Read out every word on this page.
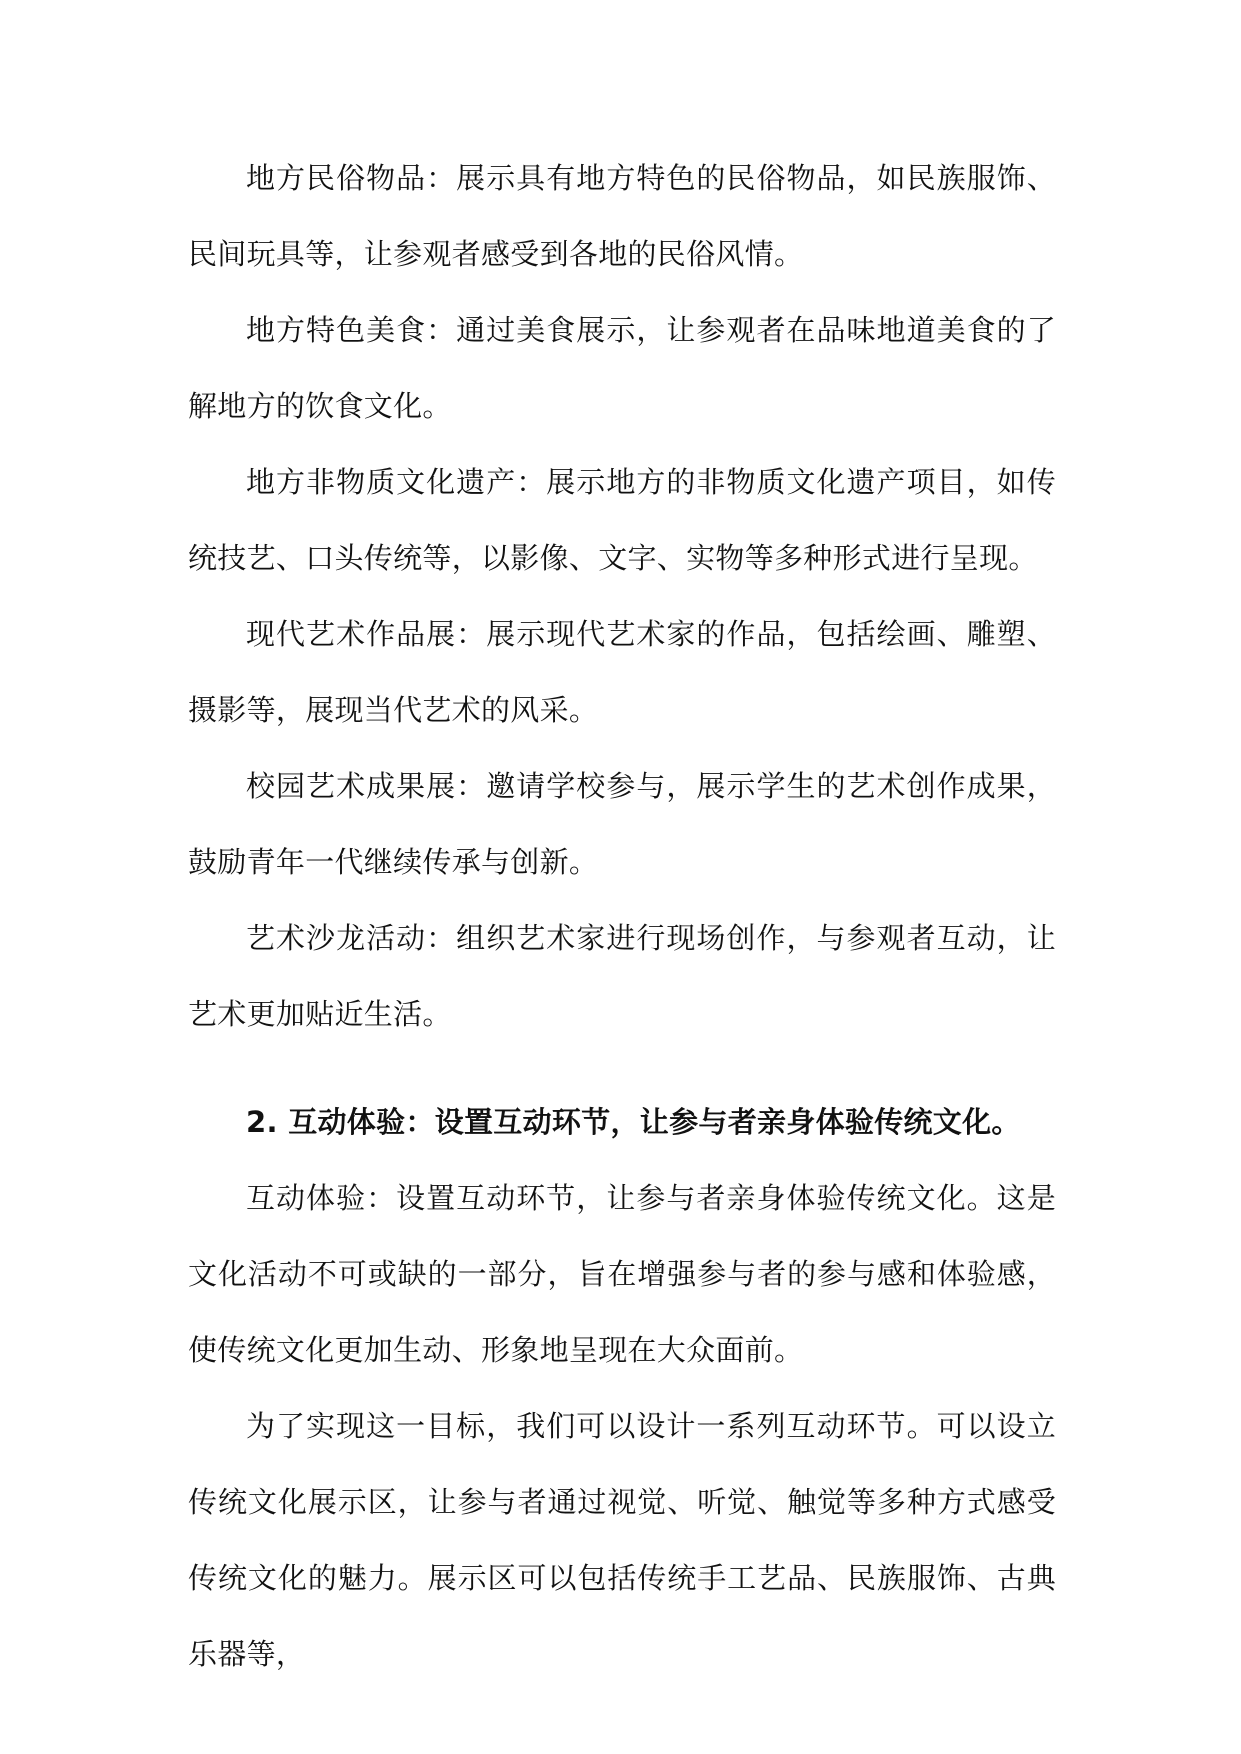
地方民俗物品：展示具有地方特色的民俗物品，如民族服饰、民间玩具等，让参观者感受到各地的民俗风情。

地方特色美食：通过美食展示，让参观者在品味地道美食的了解地方的饮食文化。

地方非物质文化遗产：展示地方的非物质文化遗产项目，如传统技艺、口头传统等，以影像、文字、实物等多种形式进行呈现。

现代艺术作品展：展示现代艺术家的作品，包括绘画、雕塑、摄影等，展现当代艺术的风采。

校园艺术成果展：邀请学校参与，展示学生的艺术创作成果，鼓励青年一代继续传承与创新。

艺术沙龙活动：组织艺术家进行现场创作，与参观者互动，让艺术更加贴近生活。

2. 互动体验：设置互动环节，让参与者亲身体验传统文化。

互动体验：设置互动环节，让参与者亲身体验传统文化。这是文化活动不可或缺的一部分，旨在增强参与者的参与感和体验感，使传统文化更加生动、形象地呈现在大众面前。

为了实现这一目标，我们可以设计一系列互动环节。可以设立传统文化展示区，让参与者通过视觉、听觉、触觉等多种方式感受传统文化的魅力。展示区可以包括传统手工艺品、民族服饰、古典乐器等，
